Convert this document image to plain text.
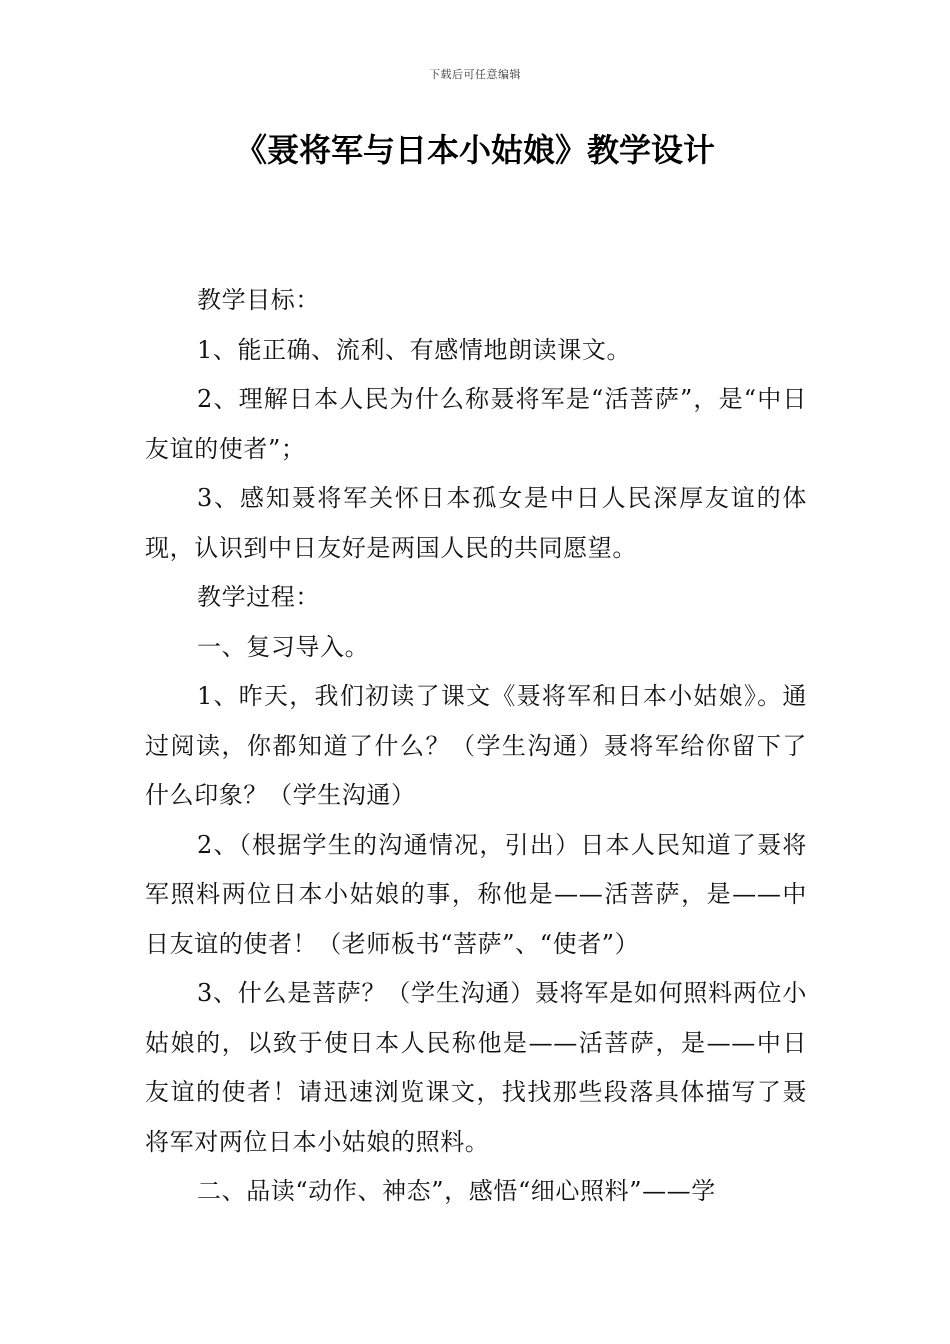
下载后可任意编辑
《聂将军与日本小姑娘》教学设计

教学目标：

1、能正确、流利、有感情地朗读课文。

2、理解日本人民为什么称聂将军是“活菩萨”，是“中日友谊的使者”；

3、感知聂将军关怀日本孤女是中日人民深厚友谊的体现，认识到中日友好是两国人民的共同愿望。

教学过程：

一、复习导入。

1、昨天，我们初读了课文《聂将军和日本小姑娘》。通过阅读，你都知道了什么？（学生沟通）聂将军给你留下了什么印象？（学生沟通）

2、（根据学生的沟通情况，引出）日本人民知道了聂将军照料两位日本小姑娘的事，称他是——活菩萨，是——中日友谊的使者！（老师板书“菩萨”、“使者”）

3、什么是菩萨？（学生沟通）聂将军是如何照料两位小姑娘的，以致于使日本人民称他是——活菩萨，是——中日友谊的使者！请迅速浏览课文，找找那些段落具体描写了聂将军对两位日本小姑娘的照料。

二、品读“动作、神态”，感悟“细心照料”——学
